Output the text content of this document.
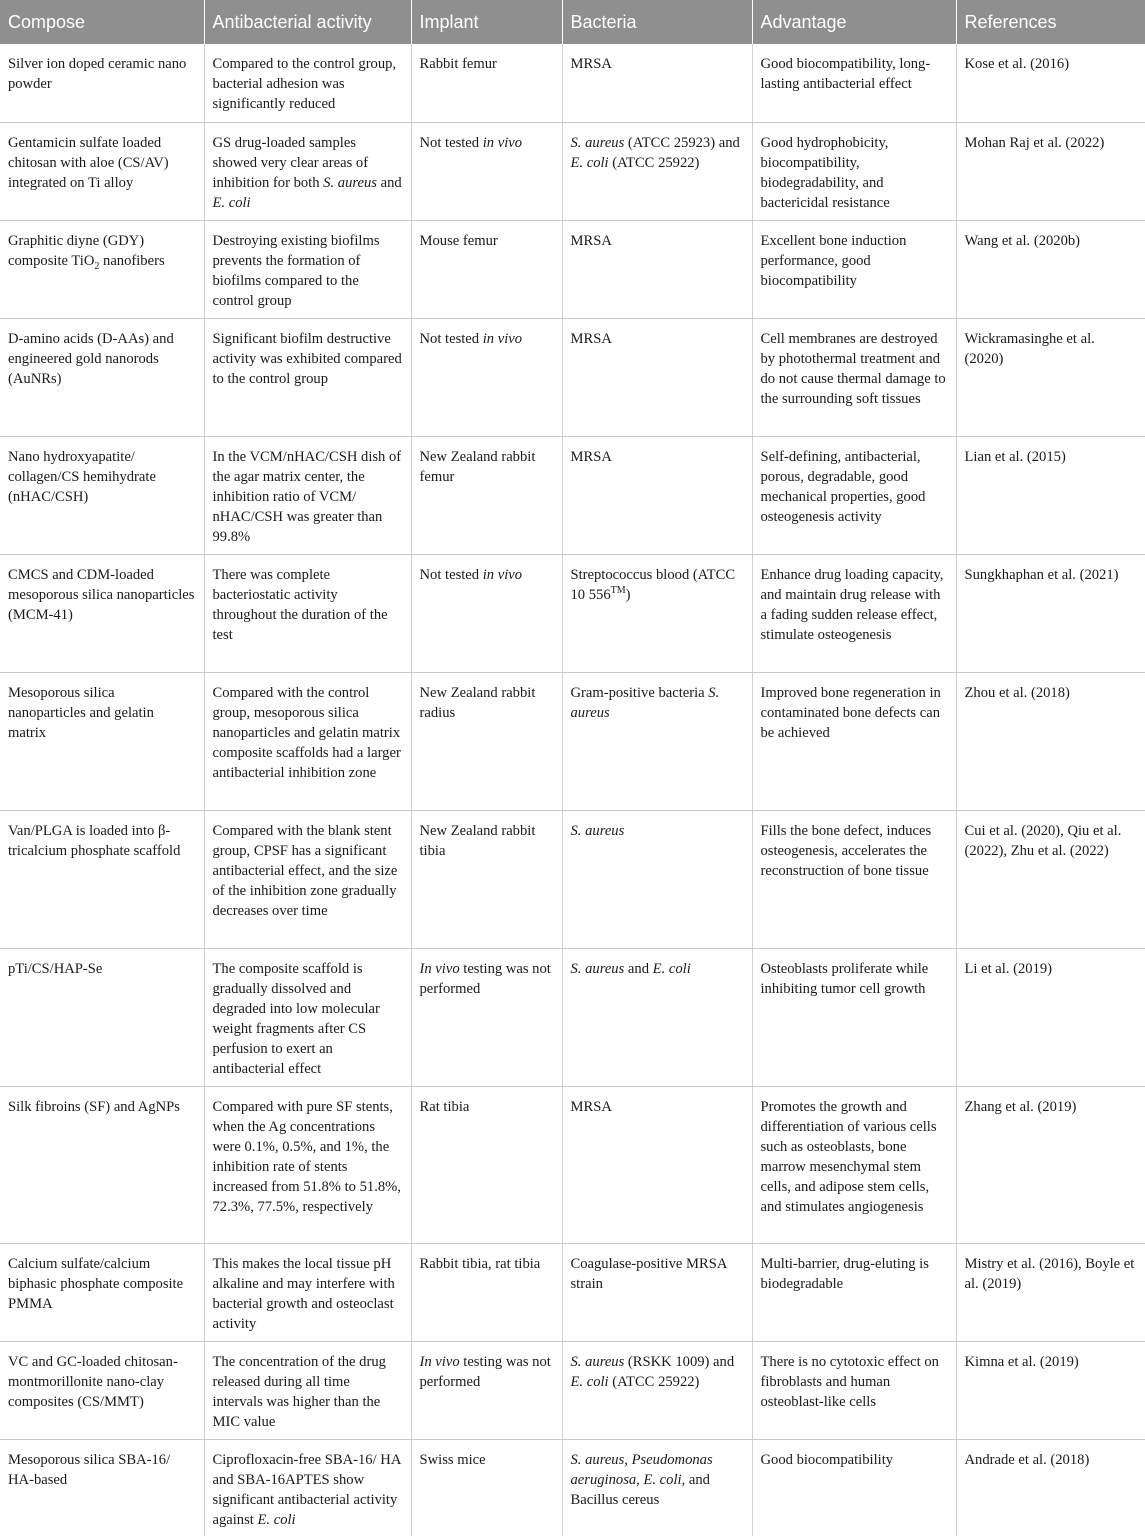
Compose	Antibacterial activity	Implant	Bacteria	Advantage	References
Silver ion doped ceramic nano powder	Compared to the control group, bacterial adhesion was significantly reduced	Rabbit femur	MRSA	Good biocompatibility, long-lasting antibacterial effect	Kose et al. (2016)
Gentamicin sulfate loaded chitosan with aloe (CS/AV) integrated on Ti alloy	GS drug-loaded samples showed very clear areas of inhibition for both S. aureus and E. coli	Not tested in vivo	S. aureus (ATCC 25923) and E. coli (ATCC 25922)	Good hydrophobicity, biocompatibility, biodegradability, and bactericidal resistance	Mohan Raj et al. (2022)
Graphitic diyne (GDY) composite TiO$_2$ nanofibers	Destroying existing biofilms prevents the formation of biofilms compared to the control group	Mouse femur	MRSA	Excellent bone induction performance, good biocompatibility	Wang et al. (2020b)
D-amino acids (D-AAs) and engineered gold nanorods (AuNRs)	Significant biofilm destructive activity was exhibited compared to the control group	Not tested in vivo	MRSA	Cell membranes are destroyed by photothermal treatment and do not cause thermal damage to the surrounding soft tissues	Wickramasinghe et al. (2020)
Nano hydroxyapatite/ collagen/CS hemihydrate (nHAC/CSH)	In the VCM/nHAC/CSH dish of the agar matrix center, the inhibition ratio of VCM/ nHAC/CSH was greater than 99.8%	New Zealand rabbit femur	MRSA	Self-defining, antibacterial, porous, degradable, good mechanical properties, good osteogenesis activity	Lian et al. (2015)
CMCS and CDM-loaded mesoporous silica nanoparticles (MCM-41)	There was complete bacteriostatic activity throughout the duration of the test	Not tested in vivo	Streptococcus blood (ATCC 10 556™)	Enhance drug loading capacity, and maintain drug release with a fading sudden release effect, stimulate osteogenesis	Sungkhaphan et al. (2021)
Mesoporous silica nanoparticles and gelatin matrix	Compared with the control group, mesoporous silica nanoparticles and gelatin matrix composite scaffolds had a larger antibacterial inhibition zone	New Zealand rabbit radius	Gram-positive bacteria S. aureus	Improved bone regeneration in contaminated bone defects can be achieved	Zhou et al. (2018)
Van/PLGA is loaded into β-tricalcium phosphate scaffold	Compared with the blank stent group, CPSF has a significant antibacterial effect, and the size of the inhibition zone gradually decreases over time	New Zealand rabbit tibia	S. aureus	Fills the bone defect, induces osteogenesis, accelerates the reconstruction of bone tissue	Cui et al. (2020), Qiu et al. (2022), Zhu et al. (2022)
pTi/CS/HAP-Se	The composite scaffold is gradually dissolved and degraded into low molecular weight fragments after CS perfusion to exert an antibacterial effect	In vivo testing was not performed	S. aureus and E. coli	Osteoblasts proliferate while inhibiting tumor cell growth	Li et al. (2019)
Silk fibroins (SF) and AgNPs	Compared with pure SF stents, when the Ag concentrations were 0.1%, 0.5%, and 1%, the inhibition rate of stents increased from 51.8% to 51.8%, 72.3%, 77.5%, respectively	Rat tibia	MRSA	Promotes the growth and differentiation of various cells such as osteoblasts, bone marrow mesenchymal stem cells, and adipose stem cells, and stimulates angiogenesis	Zhang et al. (2019)
Calcium sulfate/calcium biphasic phosphate composite PMMA	This makes the local tissue pH alkaline and may interfere with bacterial growth and osteoclast activity	Rabbit tibia, rat tibia	Coagulase-positive MRSA strain	Multi-barrier, drug-eluting is biodegradable	Mistry et al. (2016), Boyle et al. (2019)
VC and GC-loaded chitosan-montmorillonite nano-clay composites (CS/MMT)	The concentration of the drug released during all time intervals was higher than the MIC value	In vivo testing was not performed	S. aureus (RSKK 1009) and E. coli (ATCC 25922)	There is no cytotoxic effect on fibroblasts and human osteoblast-like cells	Kimna et al. (2019)
Mesoporous silica SBA-16/ HA-based	Ciprofloxacin-free SBA-16/ HA and SBA-16APTES show significant antibacterial activity against E. coli	Swiss mice	S. aureus, Pseudomonas aeruginosa, E. coli, and Bacillus cereus	Good biocompatibility	Andrade et al. (2018)
